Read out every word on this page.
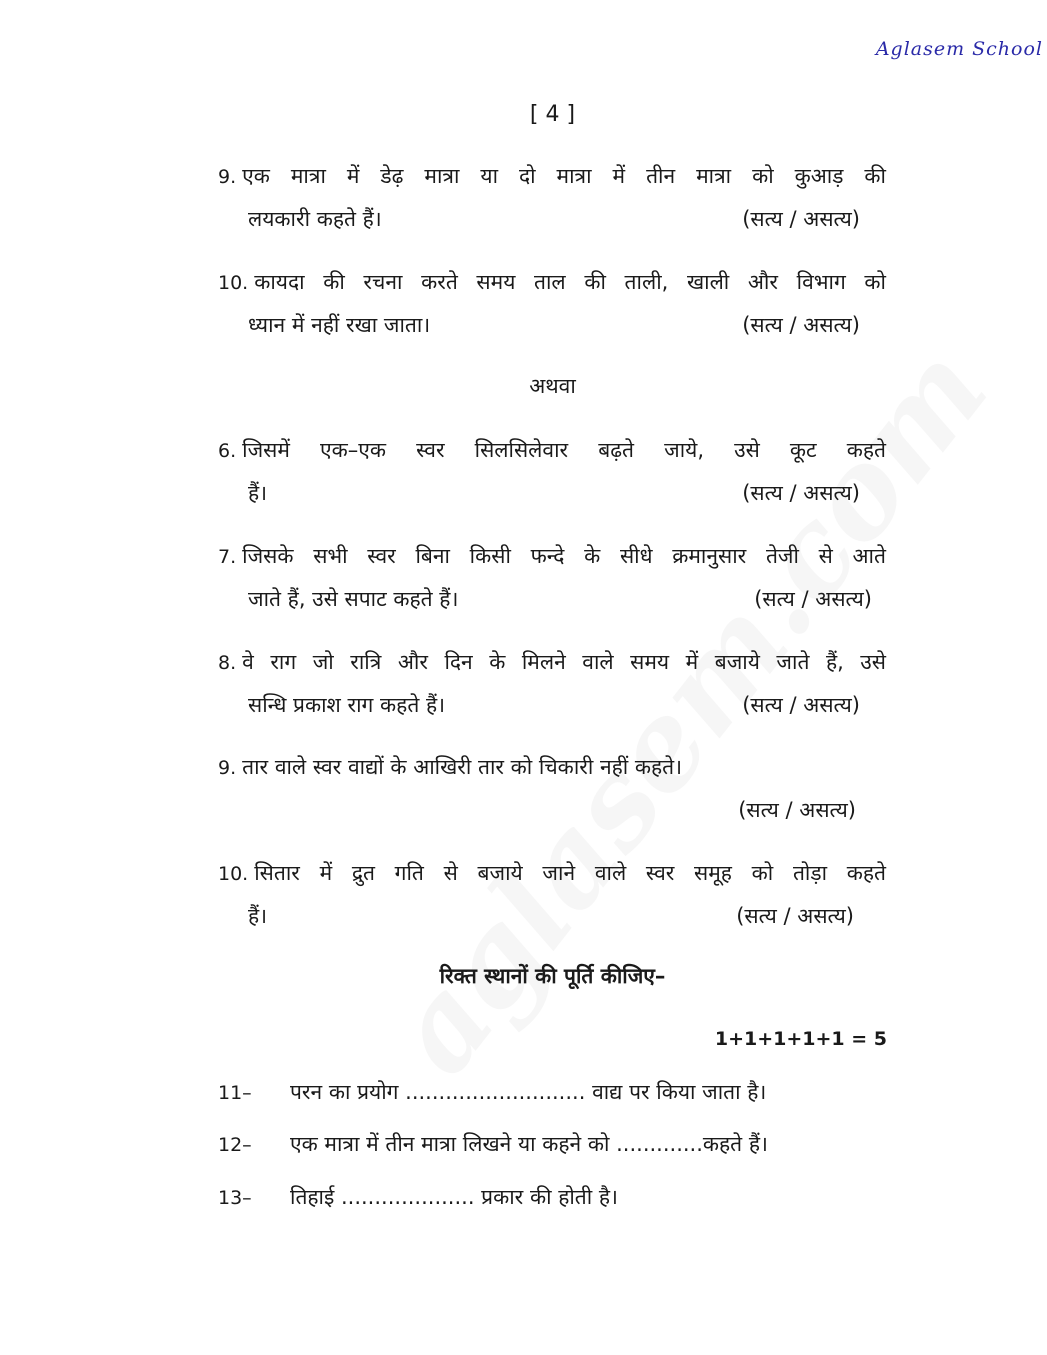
Aglasem School
[ 4 ]
9. एक मात्रा में डेढ़ मात्रा या दो मात्रा में तीन मात्रा को कुआड़ की
लयकारी कहते हैं।	(सत्य / असत्य)
10. कायदा की रचना करते समय ताल की ताली, खाली और विभाग को
ध्यान में नहीं रखा जाता।	(सत्य / असत्य)
अथवा
6. जिसमें एक–एक स्वर सिलसिलेवार बढ़ते जाये, उसे कूट कहते
हैं।	(सत्य / असत्य)
7. जिसके सभी स्वर बिना किसी फन्दे के सीधे क्रमानुसार तेजी से आते
जाते हैं, उसे सपाट कहते हैं।	(सत्य / असत्य)
8. वे राग जो रात्रि और दिन के मिलने वाले समय में बजाये जाते हैं, उसे
सन्धि प्रकाश राग कहते हैं।	(सत्य / असत्य)
9. तार वाले स्वर वाद्यों के आखिरी तार को चिकारी नहीं कहते।
(सत्य / असत्य)
10. सितार में द्रुत गति से बजाये जाने वाले स्वर समूह को तोड़ा कहते
हैं।	(सत्य / असत्य)
रिक्त स्थानों की पूर्ति कीजिए–
1+1+1+1+1 = 5
11–	परन का प्रयोग ........................... वाद्य पर किया जाता है।
12–	एक मात्रा में तीन मात्रा लिखने या कहने को .............कहते हैं।
13–	तिहाई .................... प्रकार की होती है।
